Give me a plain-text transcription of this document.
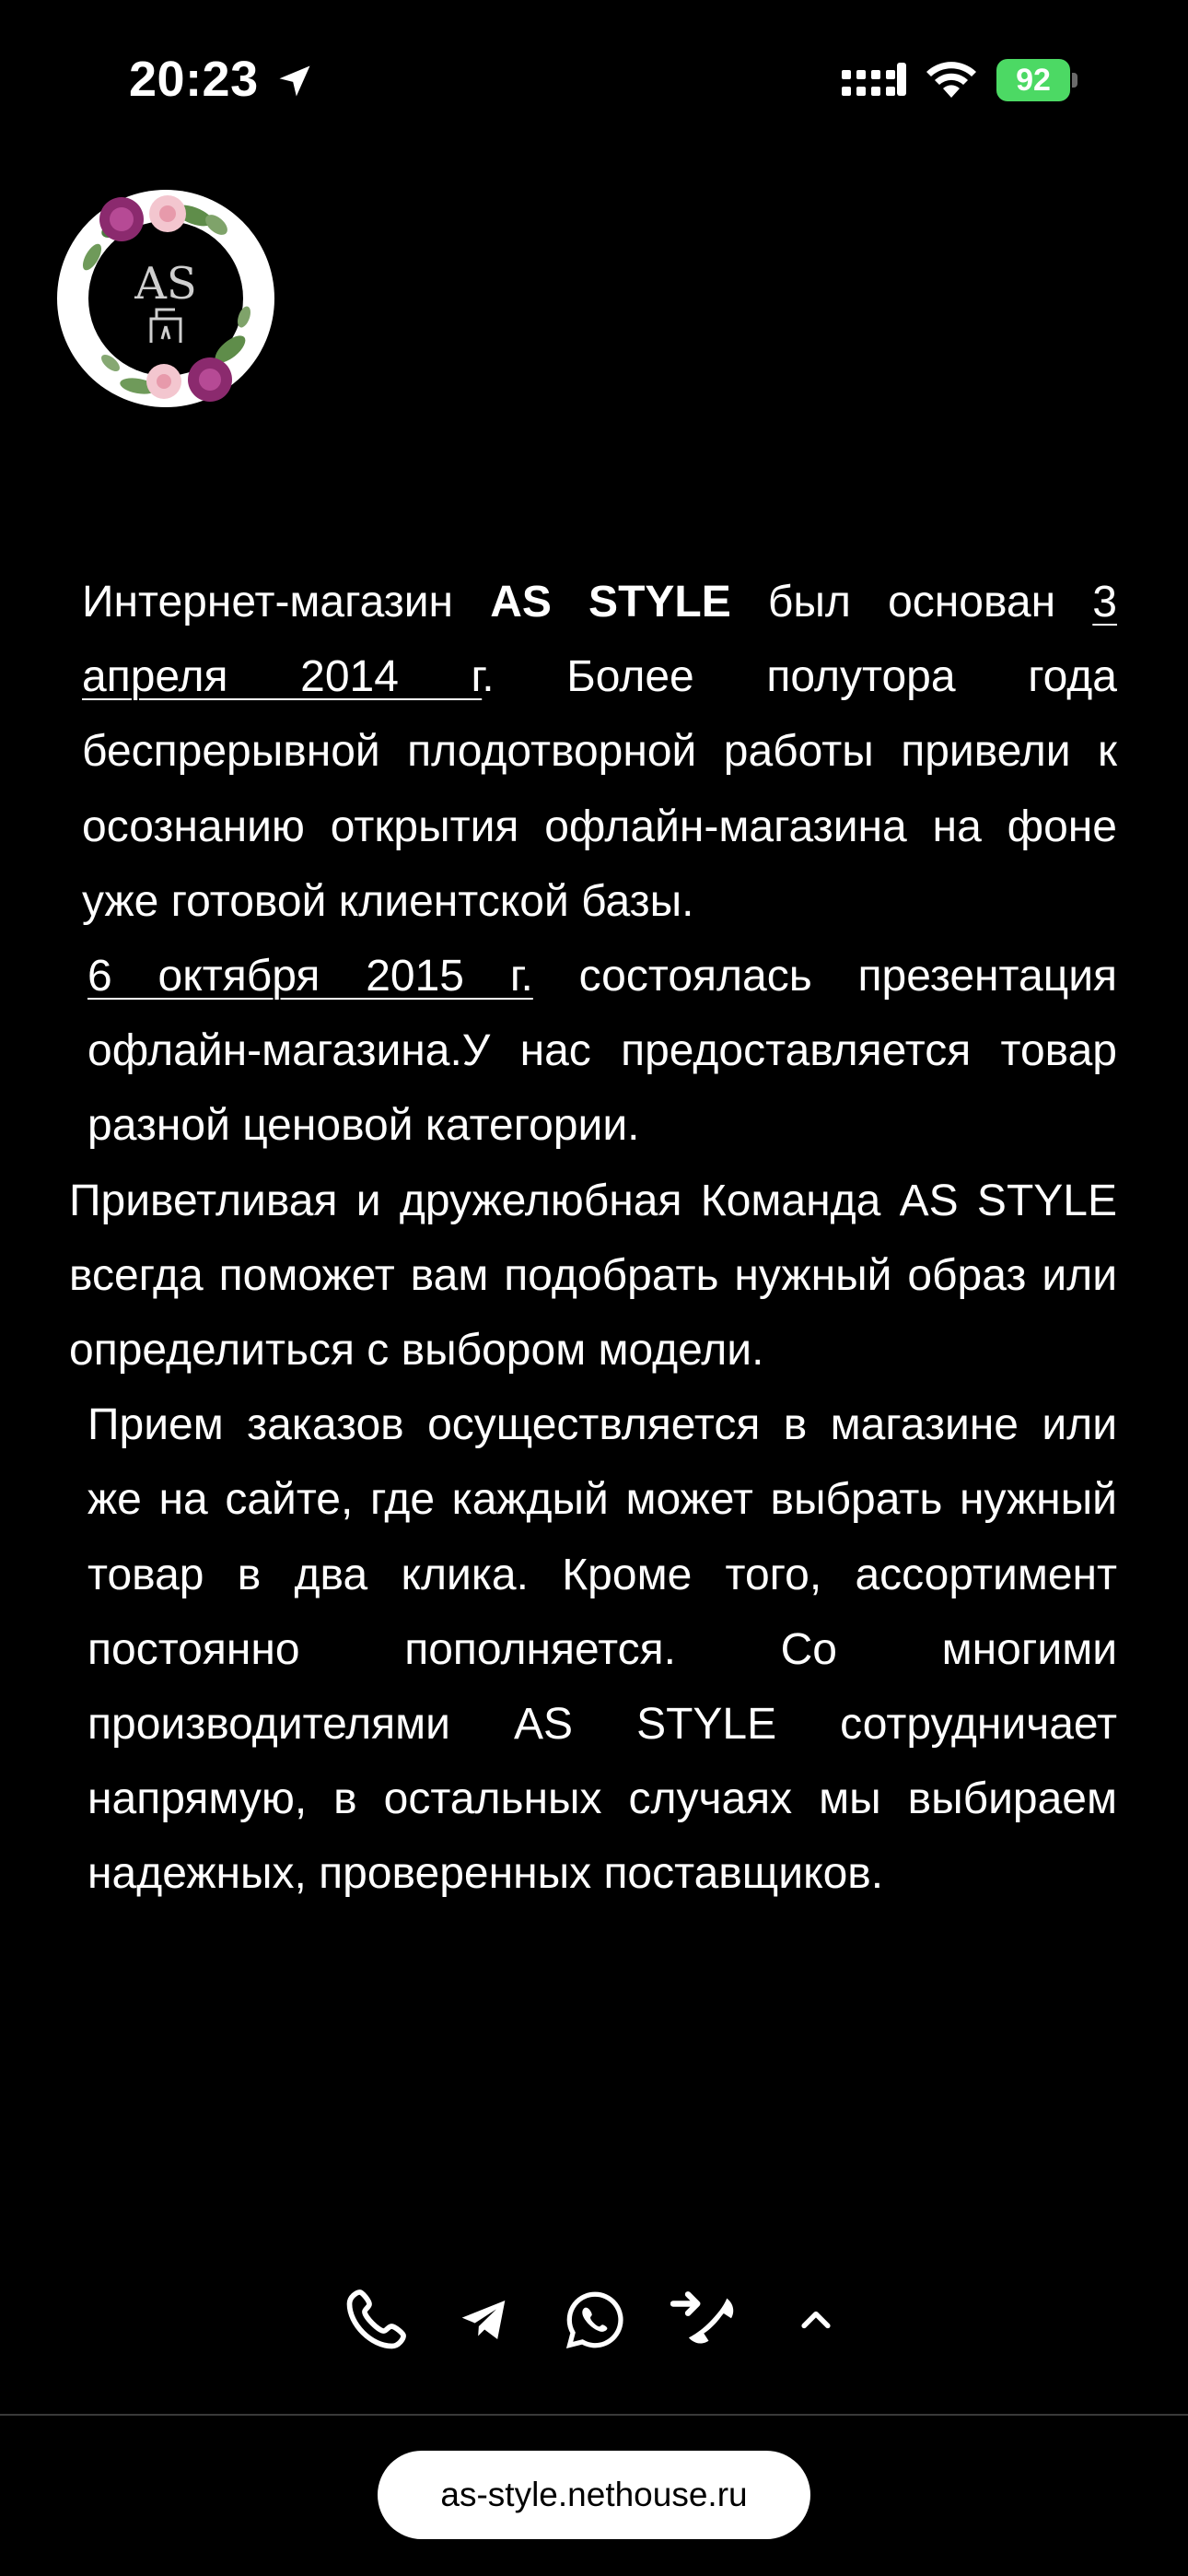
20:23	92
AS

Интернет-магазин AS STYLE был основан 3 апреля 2014 г. Более полутора года беспрерывной плодотворной работы привели к осознанию открытия офлайн-магазина на фоне уже готовой клиентской базы.

6 октября 2015 г. состоялась презентация офлайн-магазина.У нас предоставляется товар разной ценовой категории.

Приветливая и дружелюбная Команда AS STYLE всегда поможет вам подобрать нужный образ или определиться с выбором модели.

Прием заказов осуществляется в магазине или же на сайте, где каждый может выбрать нужный товар в два клика. Кроме того, ассортимент постоянно пополняется. Со многими производителями AS STYLE сотрудничает напрямую, в остальных случаях мы выбираем надежных, проверенных поставщиков.

as-style.nethouse.ru
